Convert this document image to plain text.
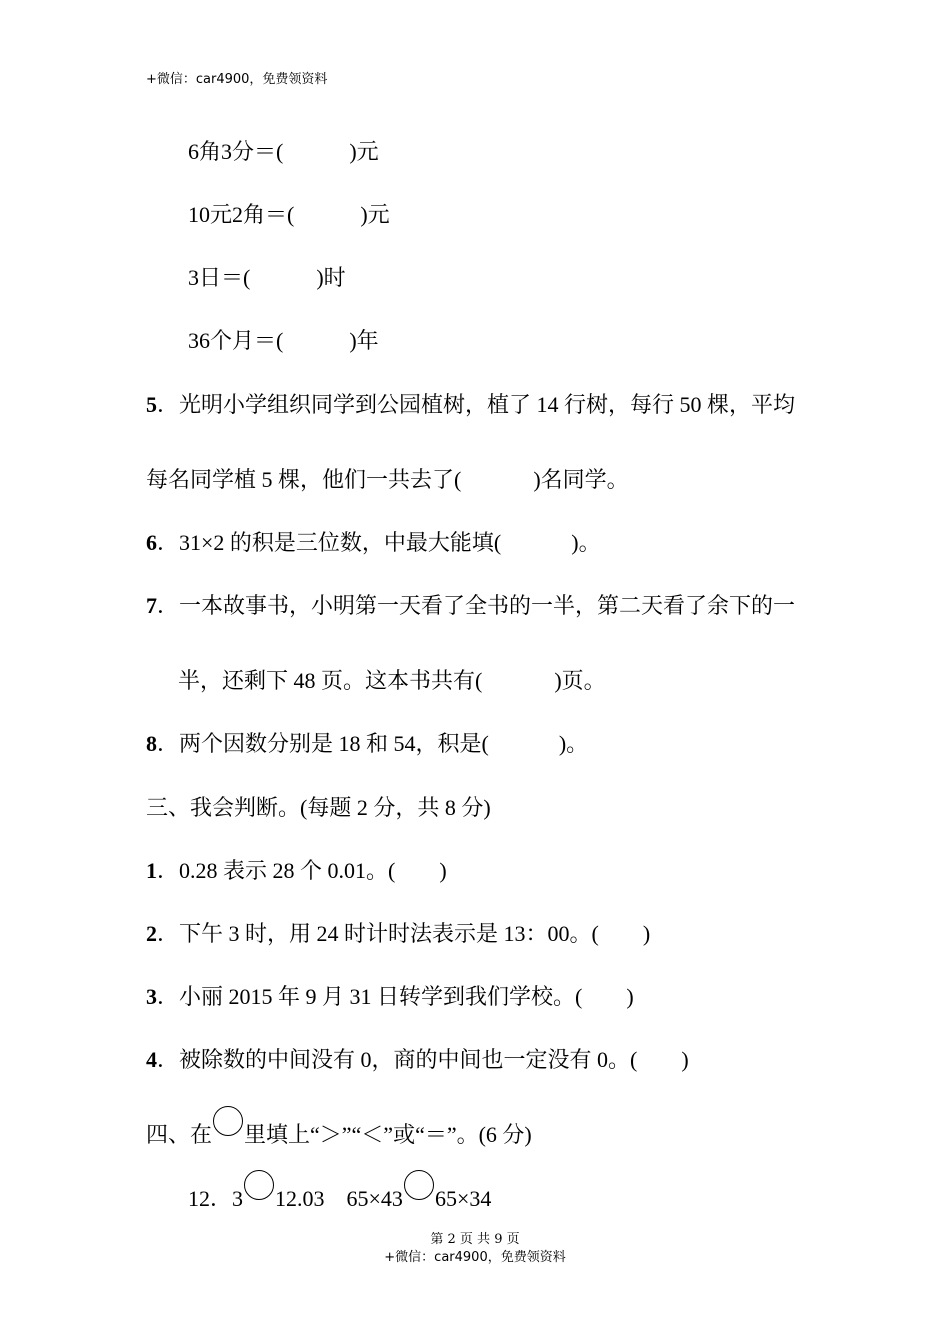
+微信：car4900，免费领资料
6角3分＝(	)元
10元2角＝(	)元
3日＝(	)时
36个月＝(	)年
5．光明小学组织同学到公园植树，植了 14 行树，每行 50 棵，平均
每名同学植 5 棵，他们一共去了(	)名同学。
6．31×2 的积是三位数，中最大能填(	)。
7．一本故事书，小明第一天看了全书的一半，第二天看了余下的一
半，还剩下 48 页。这本书共有(	)页。
8．两个因数分别是 18 和 54，积是(	)。
三、我会判断。(每题 2 分，共 8 分)
1．0.28 表示 28 个 0.01。( )
2．下午 3 时，用 24 时计时法表示是 13：00。( )
3．小丽 2015 年 9 月 31 日转学到我们学校。( )
4．被除数的中间没有 0，商的中间也一定没有 0。( )
四、在 里填上“＞”“＜”或“＝”。(6 分)
12．3 12.03 65×43 65×34
第 2 页 共 9 页
+微信：car4900，免费领资料
